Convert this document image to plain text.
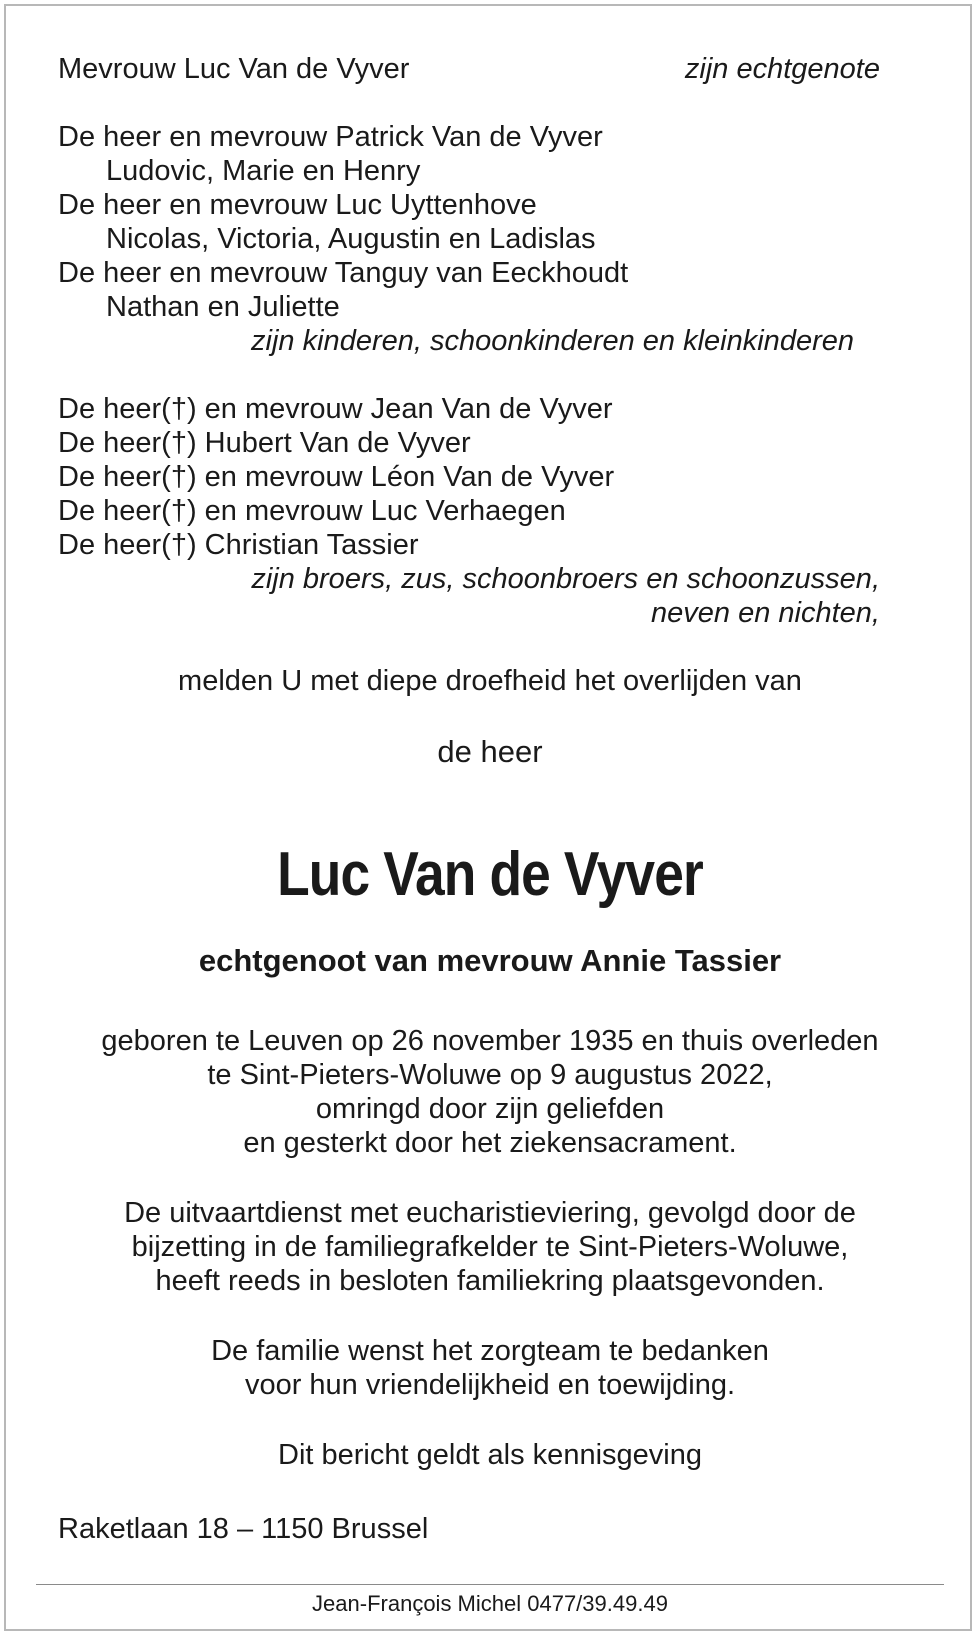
Mevrouw Luc Van de Vyver	zijn echtgenote
De heer en mevrouw Patrick Van de Vyver
Ludovic, Marie en Henry
De heer en mevrouw Luc Uyttenhove
Nicolas, Victoria, Augustin en Ladislas
De heer en mevrouw Tanguy van Eeckhoudt
Nathan en Juliette
zijn kinderen, schoonkinderen en kleinkinderen
De heer(†) en mevrouw Jean Van de Vyver
De heer(†) Hubert Van de Vyver
De heer(†) en mevrouw Léon Van de Vyver
De heer(†) en mevrouw Luc Verhaegen
De heer(†) Christian Tassier
zijn broers, zus, schoonbroers en schoonzussen,
neven en nichten,
melden U met diepe droefheid het overlijden van
de heer
Luc Van de Vyver
echtgenoot van mevrouw Annie Tassier
geboren te Leuven op 26 november 1935 en thuis overleden
te Sint-Pieters-Woluwe op 9 augustus 2022,
omringd door zijn geliefden
en gesterkt door het ziekensacrament.
De uitvaartdienst met eucharistieviering, gevolgd door de
bijzetting in de familiegrafkelder te Sint-Pieters-Woluwe,
heeft reeds in besloten familiekring plaatsgevonden.
De familie wenst het zorgteam te bedanken
voor hun vriendelijkheid en toewijding.
Dit bericht geldt als kennisgeving
Raketlaan 18 – 1150 Brussel
Jean-François Michel 0477/39.49.49
